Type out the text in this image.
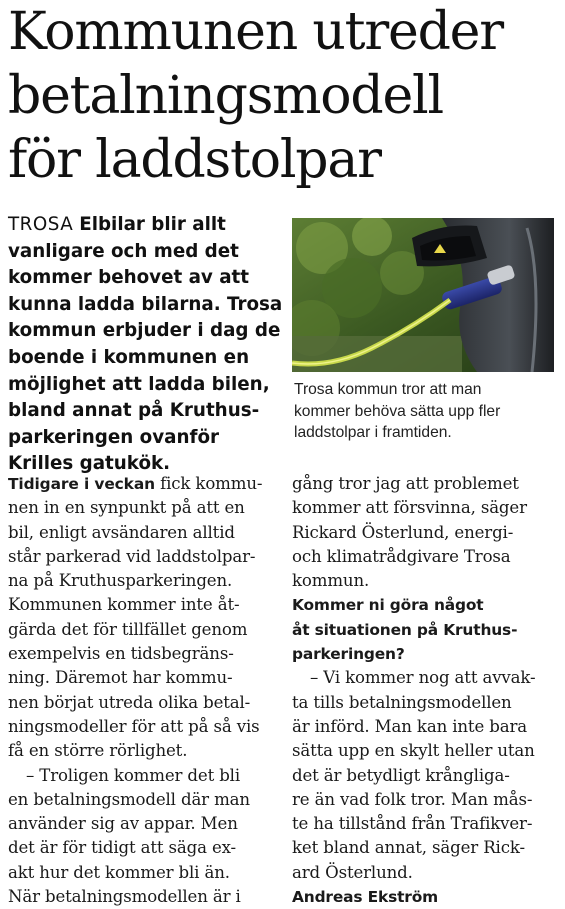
Kommunen utreder
betalningsmodell
för laddstolpar
TROSA Elbilar blir allt
vanligare och med det
kommer behovet av att
kunna ladda bilarna. Trosa
kommun erbjuder i dag de
boende i kommunen en
möjlighet att ladda bilen,
bland annat på Kruthus-
parkeringen ovanför
Krilles gatukök.
Trosa kommun tror att man
kommer behöva sätta upp fler
laddstolpar i framtiden.
Tidigare i veckan fick kommu-
nen in en synpunkt på att en
bil, enligt avsändaren alltid
står parkerad vid laddstolpar-
na på Kruthusparkeringen.
Kommunen kommer inte åt-
gärda det för tillfället genom
exempelvis en tidsbegräns-
ning. Däremot har kommu-
nen börjat utreda olika betal-
ningsmodeller för att på så vis
få en större rörlighet.
– Troligen kommer det bli
en betalningsmodell där man
använder sig av appar. Men
det är för tidigt att säga ex-
akt hur det kommer bli än.
När betalningsmodellen är i
gång tror jag att problemet
kommer att försvinna, säger
Rickard Österlund, energi-
och klimatrådgivare Trosa
kommun.
Kommer ni göra något
åt situationen på Kruthus-
parkeringen?
– Vi kommer nog att avvak-
ta tills betalningsmodellen
är införd. Man kan inte bara
sätta upp en skylt heller utan
det är betydligt krångliga-
re än vad folk tror. Man mås-
te ha tillstånd från Trafikver-
ket bland annat, säger Rick-
ard Österlund.
Andreas Ekström
